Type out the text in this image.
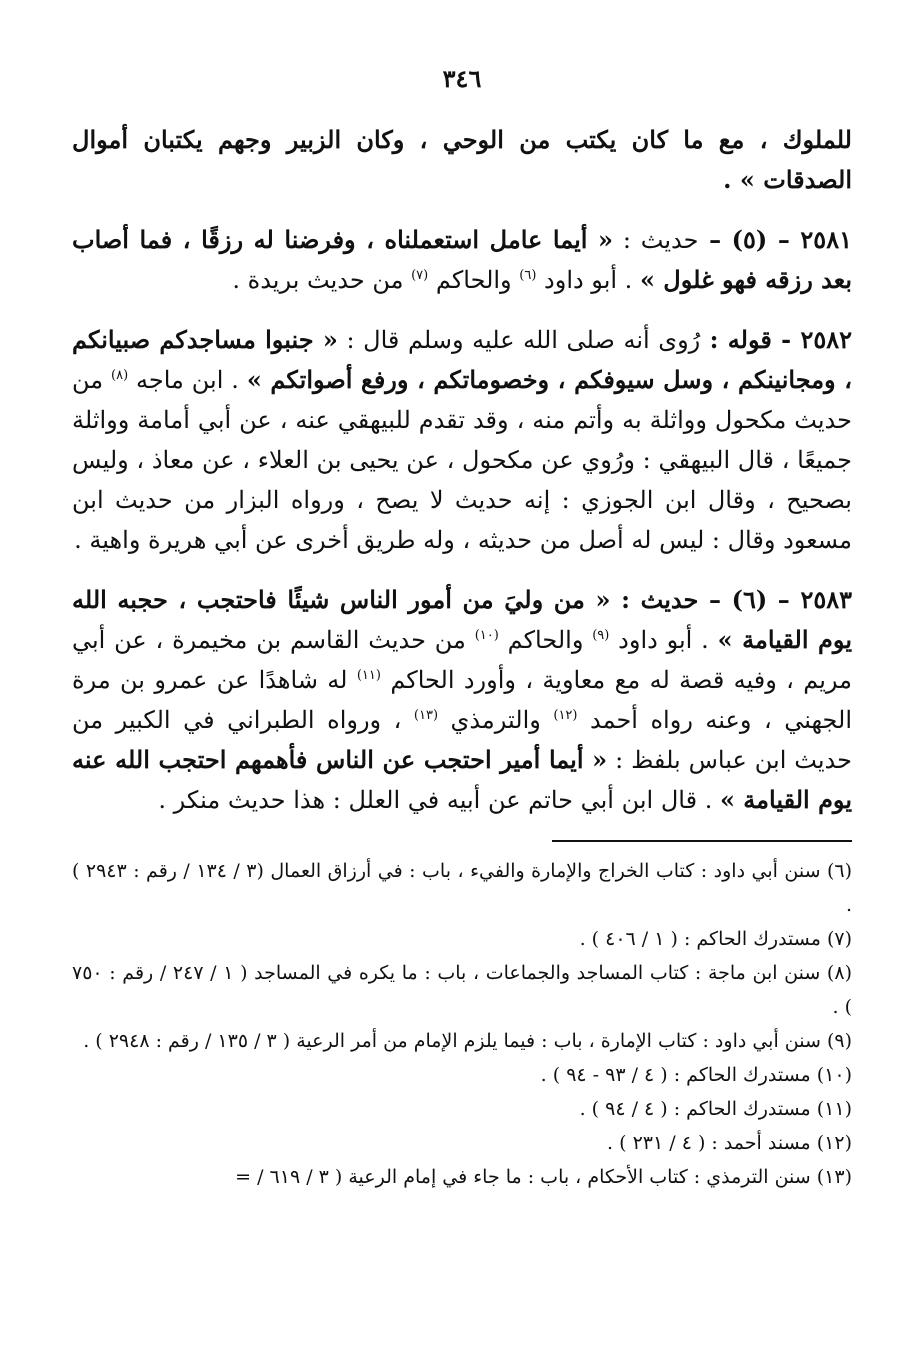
٣٤٦

للملوك ، مع ما كان يكتب من الوحي ، وكان الزبير وجهم يكتبان أموال الصدقات » .

٢٥٨١ – (٥) – حديث : « أيما عامل استعملناه ، وفرضنا له رزقًا ، فما أصاب بعد رزقه فهو غلول » . أبو داود $^{(٦)}$ والحاكم $^{(٧)}$ من حديث بريدة .

٢٥٨٢ - قوله : رُوى أنه صلى الله عليه وسلم قال : « جنبوا مساجدكم صبيانكم ، ومجانينكم ، وسل سيوفكم ، وخصوماتكم ، ورفع أصواتكم » . ابن ماجه $^{(٨)}$ من حديث مكحول وواثلة به وأتم منه ، وقد تقدم للبيهقي عنه ، عن أبي أمامة وواثلة جميعًا ، قال البيهقي : ورُوي عن مكحول ، عن يحيى بن العلاء ، عن معاذ ، وليس بصحيح ، وقال ابن الجوزي : إنه حديث لا يصح ، ورواه البزار من حديث ابن مسعود وقال : ليس له أصل من حديثه ، وله طريق أخرى عن أبي هريرة واهية .

٢٥٨٣ – (٦) – حديث : « من وليَ من أمور الناس شيئًا فاحتجب ، حجبه الله يوم القيامة » . أبو داود $^{(٩)}$ والحاكم $^{(١٠)}$ من حديث القاسم بن مخيمرة ، عن أبي مريم ، وفيه قصة له مع معاوية ، وأورد الحاكم $^{(١١)}$ له شاهدًا عن عمرو بن مرة الجهني ، وعنه رواه أحمد $^{(١٢)}$ والترمذي $^{(١٣)}$ ، ورواه الطبراني في الكبير من حديث ابن عباس بلفظ : « أيما أمير احتجب عن الناس فأهمهم احتجب الله عنه يوم القيامة » . قال ابن أبي حاتم عن أبيه في العلل : هذا حديث منكر .

(٦) سنن أبي داود : كتاب الخراج والإمارة والفيء ، باب : في أرزاق العمال (٣ / ١٣٤ / رقم : ٢٩٤٣ ) .

(٧) مستدرك الحاكم : ( ١ / ٤٠٦ ) .

(٨) سنن ابن ماجة : كتاب المساجد والجماعات ، باب : ما يكره في المساجد ( ١ / ٢٤٧ / رقم : ٧٥٠ ) .

(٩) سنن أبي داود : كتاب الإمارة ، باب : فيما يلزم الإمام من أمر الرعية ( ٣ / ١٣٥ / رقم : ٢٩٤٨ ) .

(١٠) مستدرك الحاكم : ( ٤ / ٩٣ - ٩٤ ) .

(١١) مستدرك الحاكم : ( ٤ / ٩٤ ) .

(١٢) مسند أحمد : ( ٤ / ٢٣١ ) .

(١٣) سنن الترمذي : كتاب الأحكام ، باب : ما جاء في إمام الرعية ( ٣ / ٦١٩ / =
